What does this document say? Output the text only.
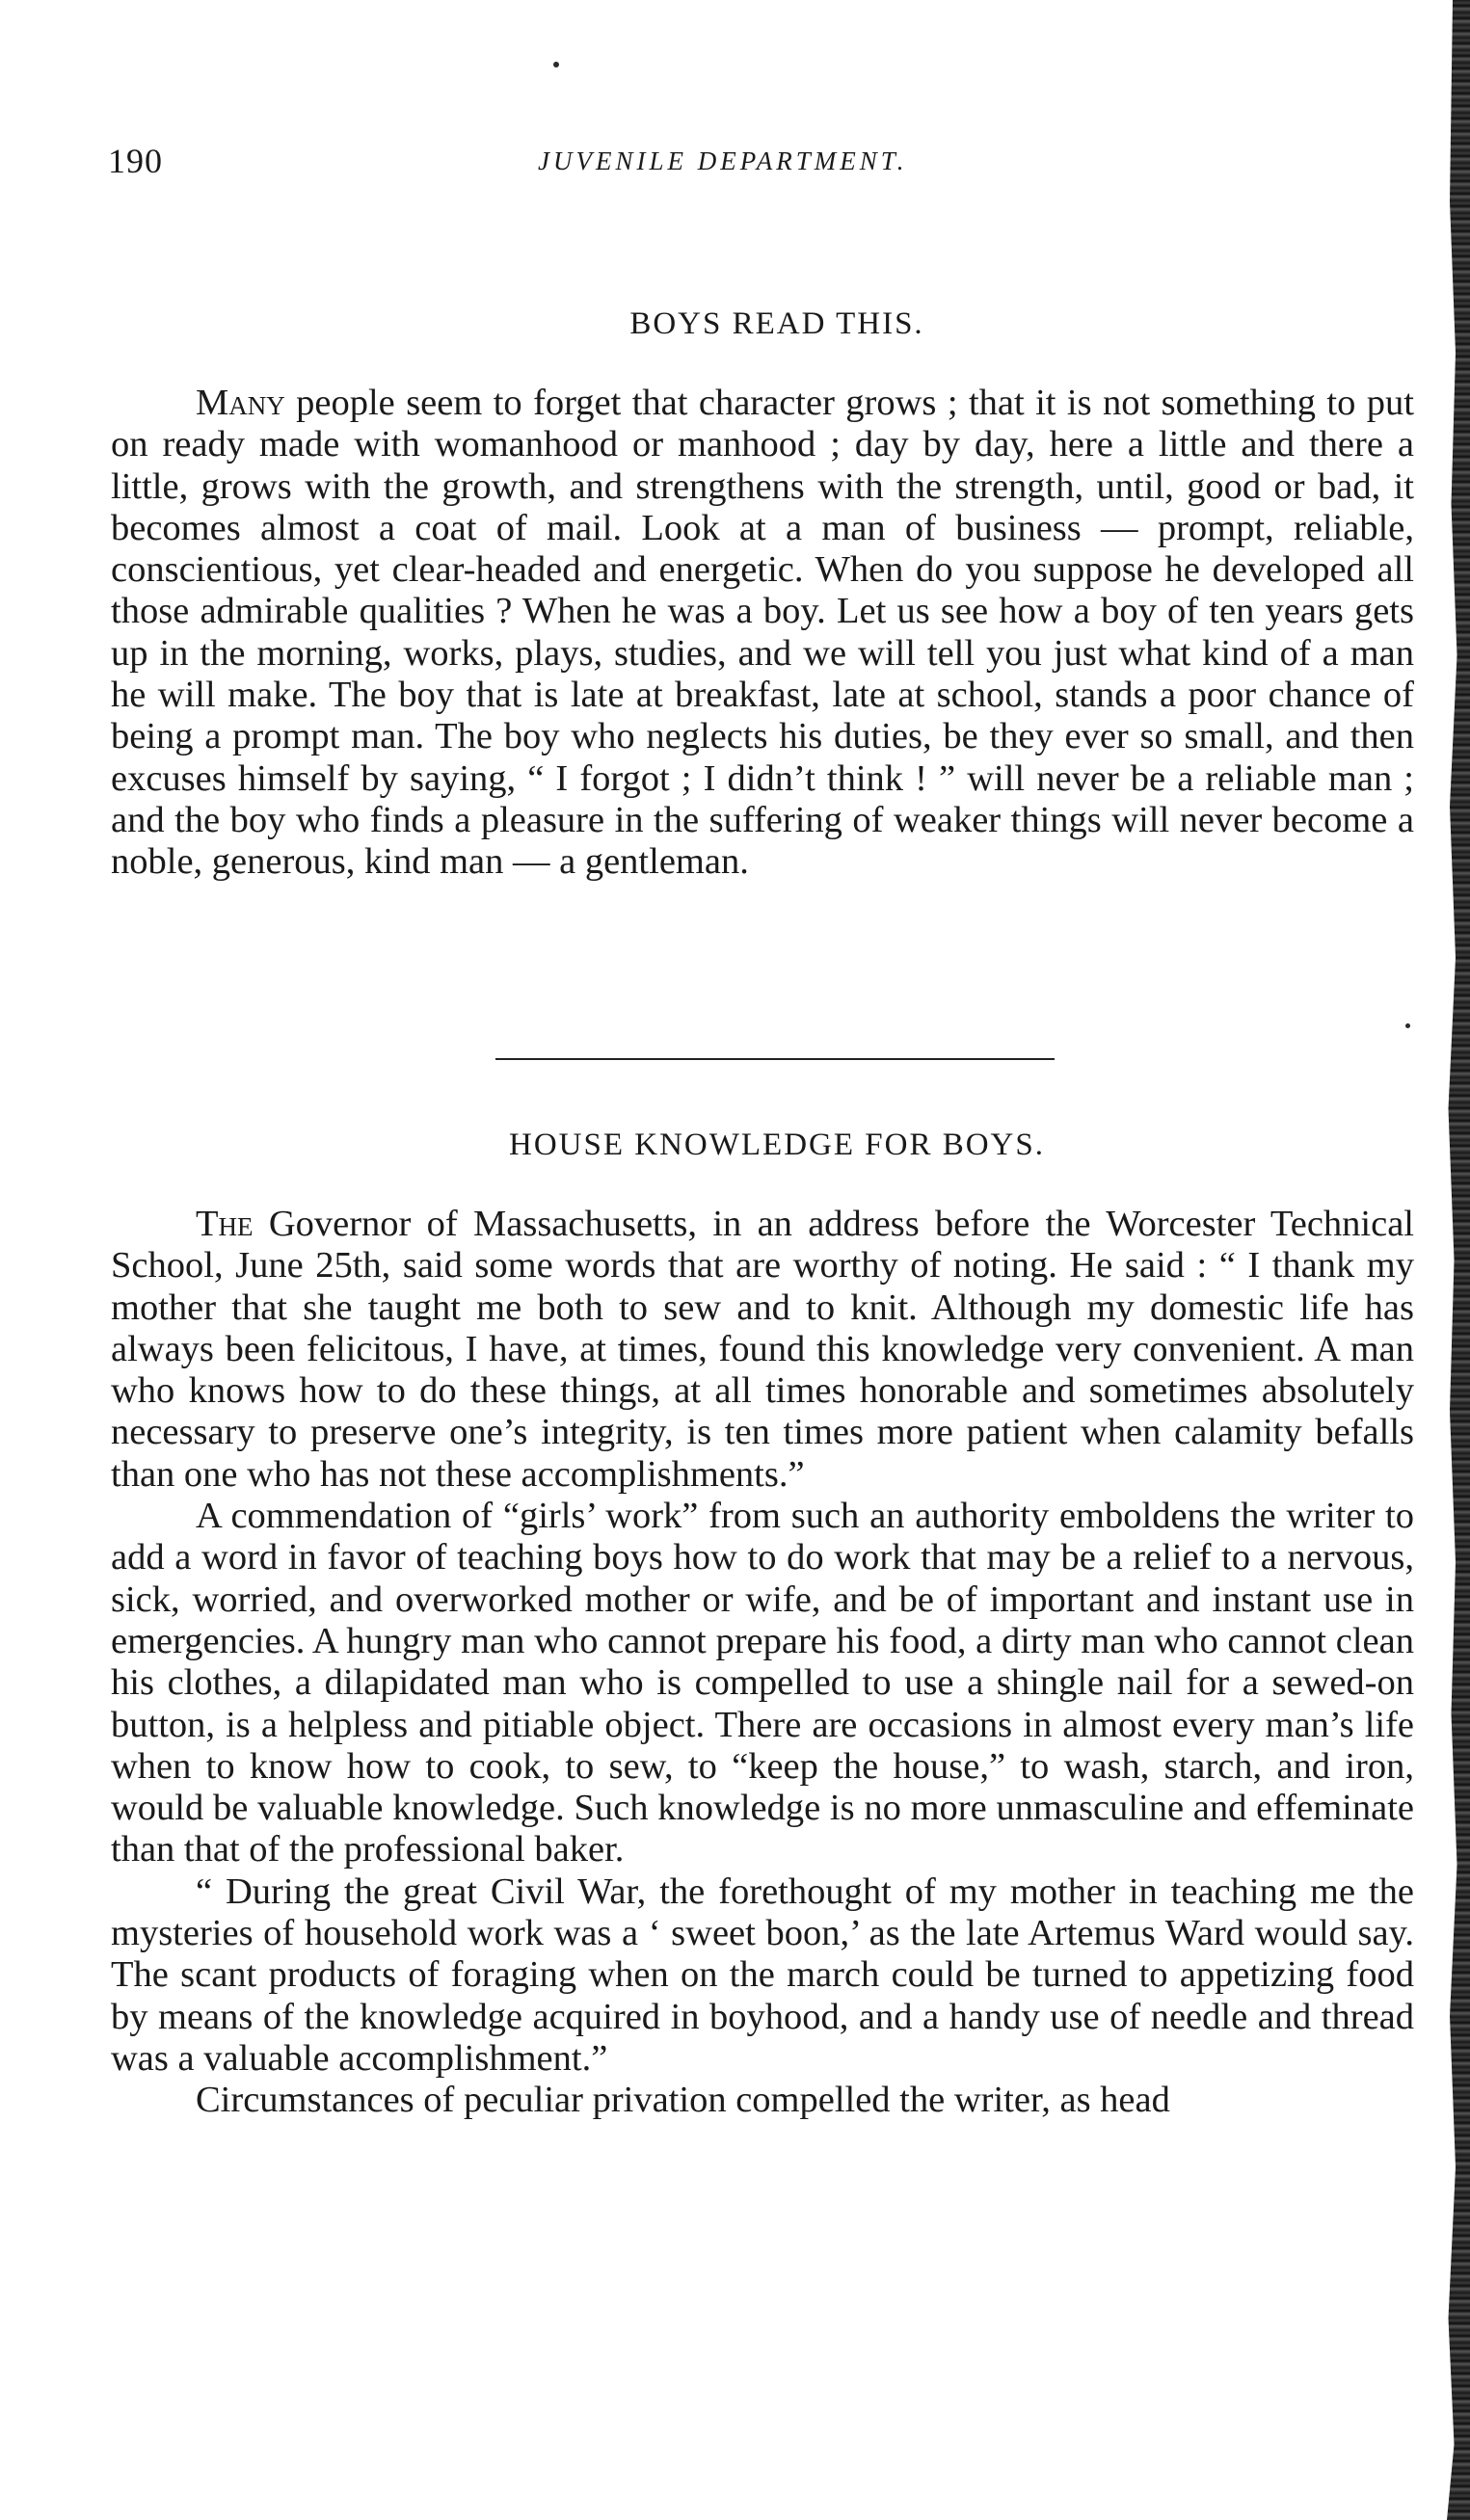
190	JUVENILE DEPARTMENT.
BOYS READ THIS.

Many people seem to forget that character grows ; that it is not something to put on ready made with womanhood or manhood ; day by day, here a little and there a little, grows with the growth, and strengthens with the strength, until, good or bad, it becomes almost a coat of mail. Look at a man of business — prompt, reliable, conscientious, yet clear-headed and energetic. When do you suppose he developed all those admirable qualities ? When he was a boy. Let us see how a boy of ten years gets up in the morning, works, plays, studies, and we will tell you just what kind of a man he will make. The boy that is late at breakfast, late at school, stands a poor chance of being a prompt man. The boy who neglects his duties, be they ever so small, and then excuses himself by saying, “ I forgot ; I didn’t think ! ” will never be a reliable man ; and the boy who finds a pleasure in the suffering of weaker things will never become a noble, generous, kind man — a gentleman.

HOUSE KNOWLEDGE FOR BOYS.

The Governor of Massachusetts, in an address before the Worcester Technical School, June 25th, said some words that are worthy of noting. He said : “ I thank my mother that she taught me both to sew and to knit. Although my domestic life has always been felicitous, I have, at times, found this knowledge very convenient. A man who knows how to do these things, at all times honorable and sometimes absolutely necessary to preserve one’s integrity, is ten times more patient when calamity befalls than one who has not these accomplishments.”

A commendation of “girls’ work” from such an authority emboldens the writer to add a word in favor of teaching boys how to do work that may be a relief to a nervous, sick, worried, and overworked mother or wife, and be of important and instant use in emergencies. A hungry man who cannot prepare his food, a dirty man who cannot clean his clothes, a dilapidated man who is compelled to use a shingle nail for a sewed-on button, is a helpless and pitiable object. There are occasions in almost every man’s life when to know how to cook, to sew, to “keep the house,” to wash, starch, and iron, would be valuable knowledge. Such knowledge is no more unmasculine and effeminate than that of the professional baker.

“ During the great Civil War, the forethought of my mother in teaching me the mysteries of household work was a ‘ sweet boon,’ as the late Artemus Ward would say. The scant products of foraging when on the march could be turned to appetizing food by means of the knowledge acquired in boyhood, and a handy use of needle and thread was a valuable accomplishment.”

Circumstances of peculiar privation compelled the writer, as head
